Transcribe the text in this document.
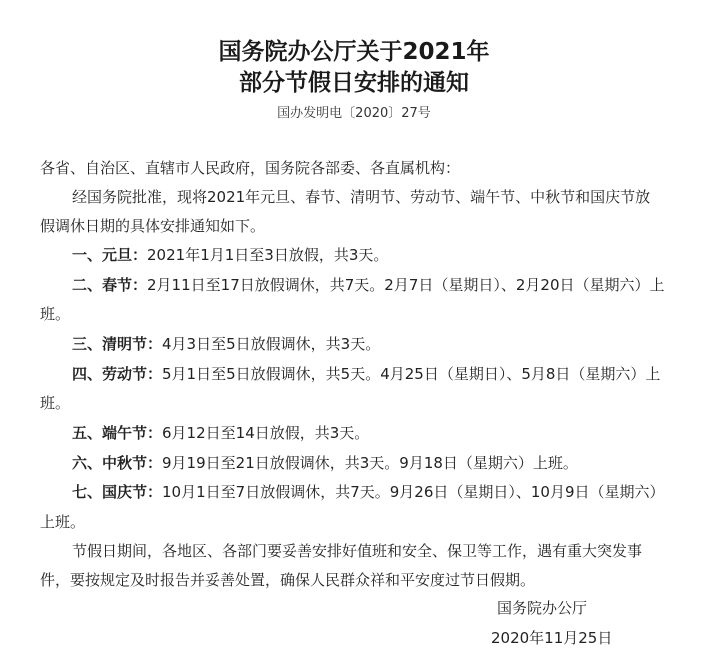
国务院办公厅关于2021年
部分节假日安排的通知
国办发明电〔2020〕27号
各省、自治区、直辖市人民政府，国务院各部委、各直属机构：
经国务院批准，现将2021年元旦、春节、清明节、劳动节、端午节、中秋节和国庆节放
假调休日期的具体安排通知如下。
一、元旦：2021年1月1日至3日放假，共3天。
二、春节：2月11日至17日放假调休，共7天。2月7日（星期日）、2月20日（星期六）上
班。
三、清明节：4月3日至5日放假调休，共3天。
四、劳动节：5月1日至5日放假调休，共5天。4月25日（星期日）、5月8日（星期六）上
班。
五、端午节：6月12日至14日放假，共3天。
六、中秋节：9月19日至21日放假调休，共3天。9月18日（星期六）上班。
七、国庆节：10月1日至7日放假调休，共7天。9月26日（星期日）、10月9日（星期六）
上班。
节假日期间，各地区、各部门要妥善安排好值班和安全、保卫等工作，遇有重大突发事
件，要按规定及时报告并妥善处置，确保人民群众祥和平安度过节日假期。
国务院办公厅
2020年11月25日
